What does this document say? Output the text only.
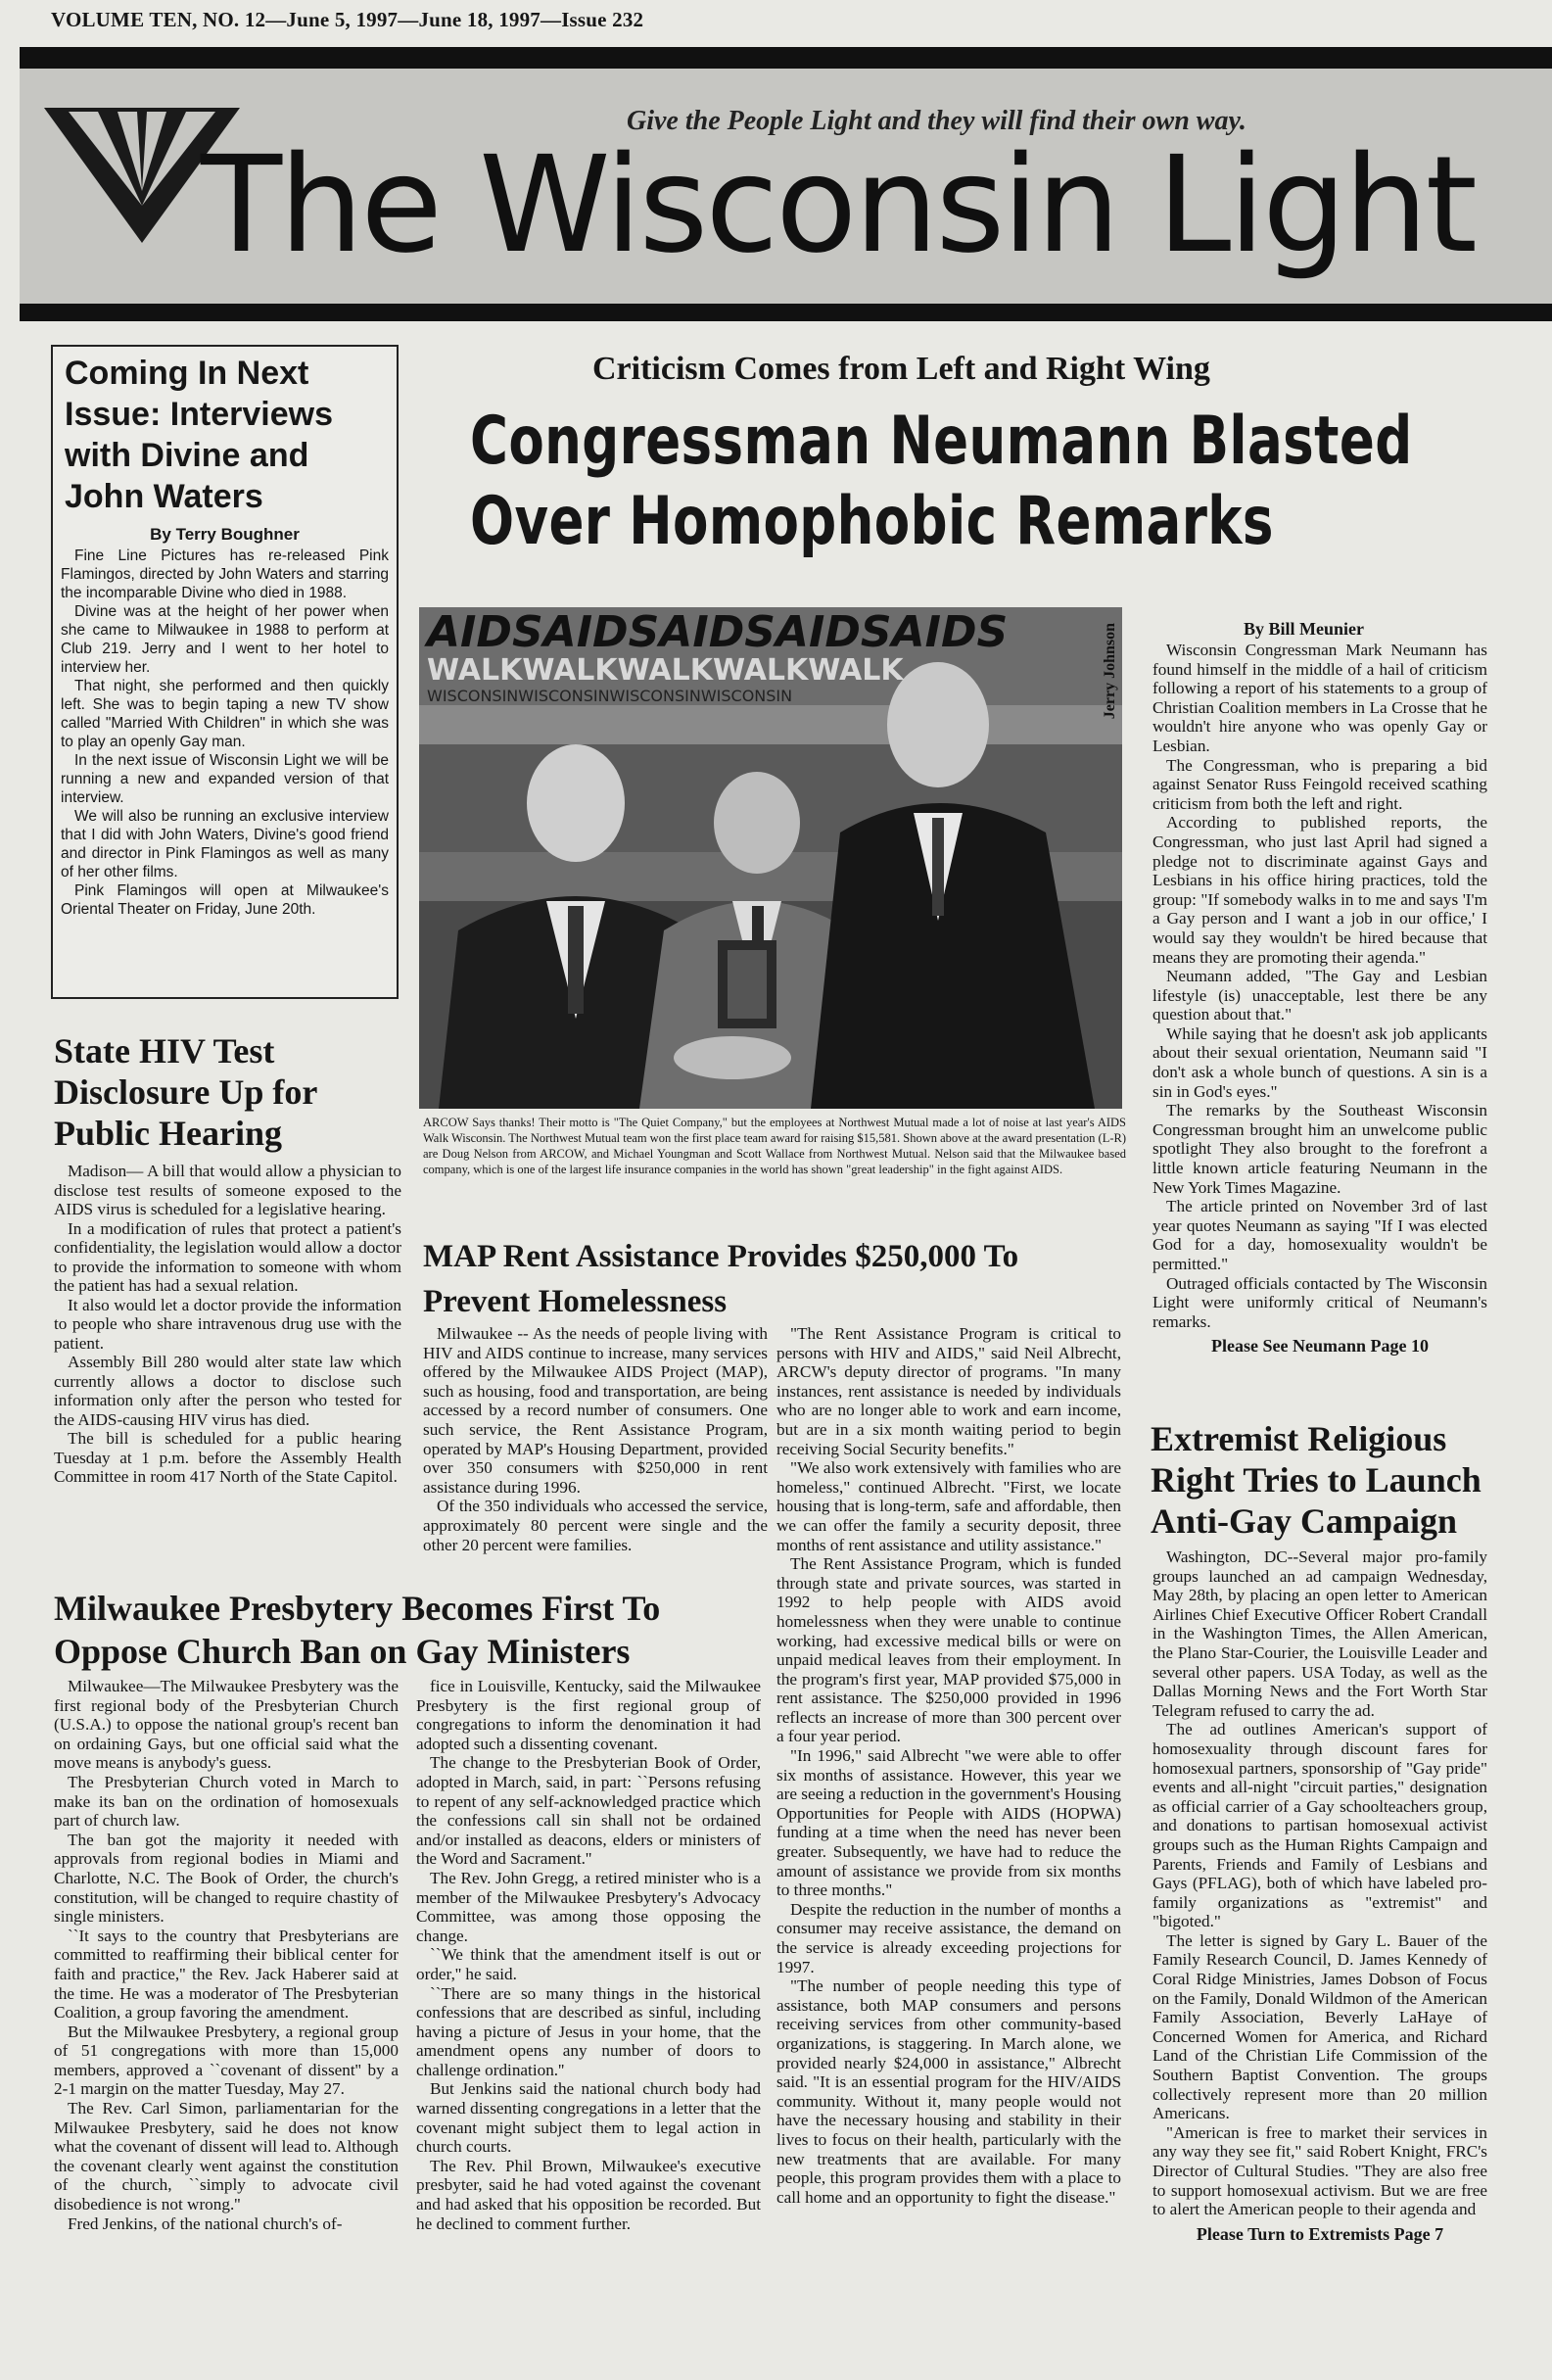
VOLUME TEN, NO. 12—June 5, 1997—June 18, 1997—Issue 232
Give the People Light and they will find their own way.
The Wisconsin Light
Coming In Next Issue: Interviews with Divine and John Waters
By Terry Boughner

Fine Line Pictures has re-released Pink Flamingos, directed by John Waters and starring the incomparable Divine who died in 1988.

Divine was at the height of her power when she came to Milwaukee in 1988 to perform at Club 219. Jerry and I went to her hotel to interview her.

That night, she performed and then quickly left. She was to begin taping a new TV show called "Married With Children" in which she was to play an openly Gay man.

In the next issue of Wisconsin Light we will be running a new and expanded version of that interview.

We will also be running an exclusive interview that I did with John Waters, Divine's good friend and director in Pink Flamingos as well as many of her other films.

Pink Flamingos will open at Milwaukee's Oriental Theater on Friday, June 20th.

State HIV Test Disclosure Up for Public Hearing

Madison— A bill that would allow a physician to disclose test results of someone exposed to the AIDS virus is scheduled for a legislative hearing.

In a modification of rules that protect a patient's confidentiality, the legislation would allow a doctor to provide the information to someone with whom the patient has had a sexual relation.

It also would let a doctor provide the information to people who share intravenous drug use with the patient.

Assembly Bill 280 would alter state law which currently allows a doctor to disclose such information only after the person who tested for the AIDS-causing HIV virus has died.

The bill is scheduled for a public hearing Tuesday at 1 p.m. before the Assembly Health Committee in room 417 North of the State Capitol.

Criticism Comes from Left and Right Wing
Congressman Neumann Blasted
Over Homophobic Remarks
AIDSAIDSAIDSAIDSAIDS
WALKWALKWALKWALKWALK
WISCONSINWISCONSINWISCONSINWISCONSIN	Jerry Johnson
ARCOW Says thanks! Their motto is "The Quiet Company," but the employees at Northwest Mutual made a lot of noise at last year's AIDS Walk Wisconsin. The Northwest Mutual team won the first place team award for raising $15,581. Shown above at the award presentation (L-R) are Doug Nelson from ARCOW, and Michael Youngman and Scott Wallace from Northwest Mutual. Nelson said that the Milwaukee based company, which is one of the largest life insurance companies in the world has shown "great leadership" in the fight against AIDS.
By Bill Meunier

Wisconsin Congressman Mark Neumann has found himself in the middle of a hail of criticism following a report of his statements to a group of Christian Coalition members in La Crosse that he wouldn't hire anyone who was openly Gay or Lesbian.

The Congressman, who is preparing a bid against Senator Russ Feingold received scathing criticism from both the left and right.

According to published reports, the Congressman, who just last April had signed a pledge not to discriminate against Gays and Lesbians in his office hiring practices, told the group: "If somebody walks in to me and says 'I'm a Gay person and I want a job in our office,' I would say they wouldn't be hired because that means they are promoting their agenda."

Neumann added, "The Gay and Lesbian lifestyle (is) unacceptable, lest there be any question about that."

While saying that he doesn't ask job applicants about their sexual orientation, Neumann said "I don't ask a whole bunch of questions. A sin is a sin in God's eyes."

The remarks by the Southeast Wisconsin Congressman brought him an unwelcome public spotlight They also brought to the forefront a little known article featuring Neumann in the New York Times Magazine.

The article printed on November 3rd of last year quotes Neumann as saying "If I was elected God for a day, homosexuality wouldn't be permitted."

Outraged officials contacted by The Wisconsin Light were uniformly critical of Neumann's remarks.

Please See Neumann Page 10

MAP Rent Assistance Provides $250,000 To Prevent Homelessness

Milwaukee -- As the needs of people living with HIV and AIDS continue to increase, many services offered by the Milwaukee AIDS Project (MAP), such as housing, food and transportation, are being accessed by a record number of consumers. One such service, the Rent Assistance Program, operated by MAP's Housing Department, provided over 350 consumers with $250,000 in rent assistance during 1996.

Of the 350 individuals who accessed the service, approximately 80 percent were single and the other 20 percent were families.

"The Rent Assistance Program is critical to persons with HIV and AIDS," said Neil Albrecht, ARCW's deputy director of programs. "In many instances, rent assistance is needed by individuals who are no longer able to work and earn income, but are in a six month waiting period to begin receiving Social Security benefits."

"We also work extensively with families who are homeless," continued Albrecht. "First, we locate housing that is long-term, safe and affordable, then we can offer the family a security deposit, three months of rent assistance and utility assistance."

The Rent Assistance Program, which is funded through state and private sources, was started in 1992 to help people with AIDS avoid homelessness when they were unable to continue working, had excessive medical bills or were on unpaid medical leaves from their employment. In the program's first year, MAP provided $75,000 in rent assistance. The $250,000 provided in 1996 reflects an increase of more than 300 percent over a four year period.

"In 1996," said Albrecht "we were able to offer six months of assistance. However, this year we are seeing a reduction in the government's Housing Opportunities for People with AIDS (HOPWA) funding at a time when the need has never been greater. Subsequently, we have had to reduce the amount of assistance we provide from six months to three months."

Despite the reduction in the number of months a consumer may receive assistance, the demand on the service is already exceeding projections for 1997.

"The number of people needing this type of assistance, both MAP consumers and persons receiving services from other community-based organizations, is staggering. In March alone, we provided nearly $24,000 in assistance," Albrecht said. "It is an essential program for the HIV/AIDS community. Without it, many people would not have the necessary housing and stability in their lives to focus on their health, particularly with the new treatments that are available. For many people, this program provides them with a place to call home and an opportunity to fight the disease."

Milwaukee Presbytery Becomes First To Oppose Church Ban on Gay Ministers

Milwaukee—The Milwaukee Presbytery was the first regional body of the Presbyterian Church (U.S.A.) to oppose the national group's recent ban on ordaining Gays, but one official said what the move means is anybody's guess.

The Presbyterian Church voted in March to make its ban on the ordination of homosexuals part of church law.

The ban got the majority it needed with approvals from regional bodies in Miami and Charlotte, N.C. The Book of Order, the church's constitution, will be changed to require chastity of single ministers.

``It says to the country that Presbyterians are committed to reaffirming their biblical center for faith and practice,'' the Rev. Jack Haberer said at the time. He was a moderator of The Presbyterian Coalition, a group favoring the amendment.

But the Milwaukee Presbytery, a regional group of 51 congregations with more than 15,000 members, approved a ``covenant of dissent'' by a 2-1 margin on the matter Tuesday, May 27.

The Rev. Carl Simon, parliamentarian for the Milwaukee Presbytery, said he does not know what the covenant of dissent will lead to. Although the covenant clearly went against the constitution of the church, ``simply to advocate civil disobedience is not wrong.''

Fred Jenkins, of the national church's of-

fice in Louisville, Kentucky, said the Milwaukee Presbytery is the first regional group of congregations to inform the denomination it had adopted such a dissenting covenant.

The change to the Presbyterian Book of Order, adopted in March, said, in part: ``Persons refusing to repent of any self-acknowledged practice which the confessions call sin shall not be ordained and/or installed as deacons, elders or ministers of the Word and Sacrament.''

The Rev. John Gregg, a retired minister who is a member of the Milwaukee Presbytery's Advocacy Committee, was among those opposing the change.

``We think that the amendment itself is out or order,'' he said.

``There are so many things in the historical confessions that are described as sinful, including having a picture of Jesus in your home, that the amendment opens any number of doors to challenge ordination.''

But Jenkins said the national church body had warned dissenting congregations in a letter that the covenant might subject them to legal action in church courts.

The Rev. Phil Brown, Milwaukee's executive presbyter, said he had voted against the covenant and had asked that his opposition be recorded. But he declined to comment further.

Extremist Religious Right Tries to Launch Anti-Gay Campaign

Washington, DC--Several major pro-family groups launched an ad campaign Wednesday, May 28th, by placing an open letter to American Airlines Chief Executive Officer Robert Crandall in the Washington Times, the Allen American, the Plano Star-Courier, the Louisville Leader and several other papers. USA Today, as well as the Dallas Morning News and the Fort Worth Star Telegram refused to carry the ad.

The ad outlines American's support of homosexuality through discount fares for homosexual partners, sponsorship of "Gay pride" events and all-night "circuit parties," designation as official carrier of a Gay schoolteachers group, and donations to partisan homosexual activist groups such as the Human Rights Campaign and Parents, Friends and Family of Lesbians and Gays (PFLAG), both of which have labeled pro-family organizations as "extremist" and "bigoted."

The letter is signed by Gary L. Bauer of the Family Research Council, D. James Kennedy of Coral Ridge Ministries, James Dobson of Focus on the Family, Donald Wildmon of the American Family Association, Beverly LaHaye of Concerned Women for America, and Richard Land of the Christian Life Commission of the Southern Baptist Convention. The groups collectively represent more than 20 million Americans.

"American is free to market their services in any way they see fit," said Robert Knight, FRC's Director of Cultural Studies. "They are also free to support homosexual activism. But we are free to alert the American people to their agenda and

Please Turn to Extremists Page 7
